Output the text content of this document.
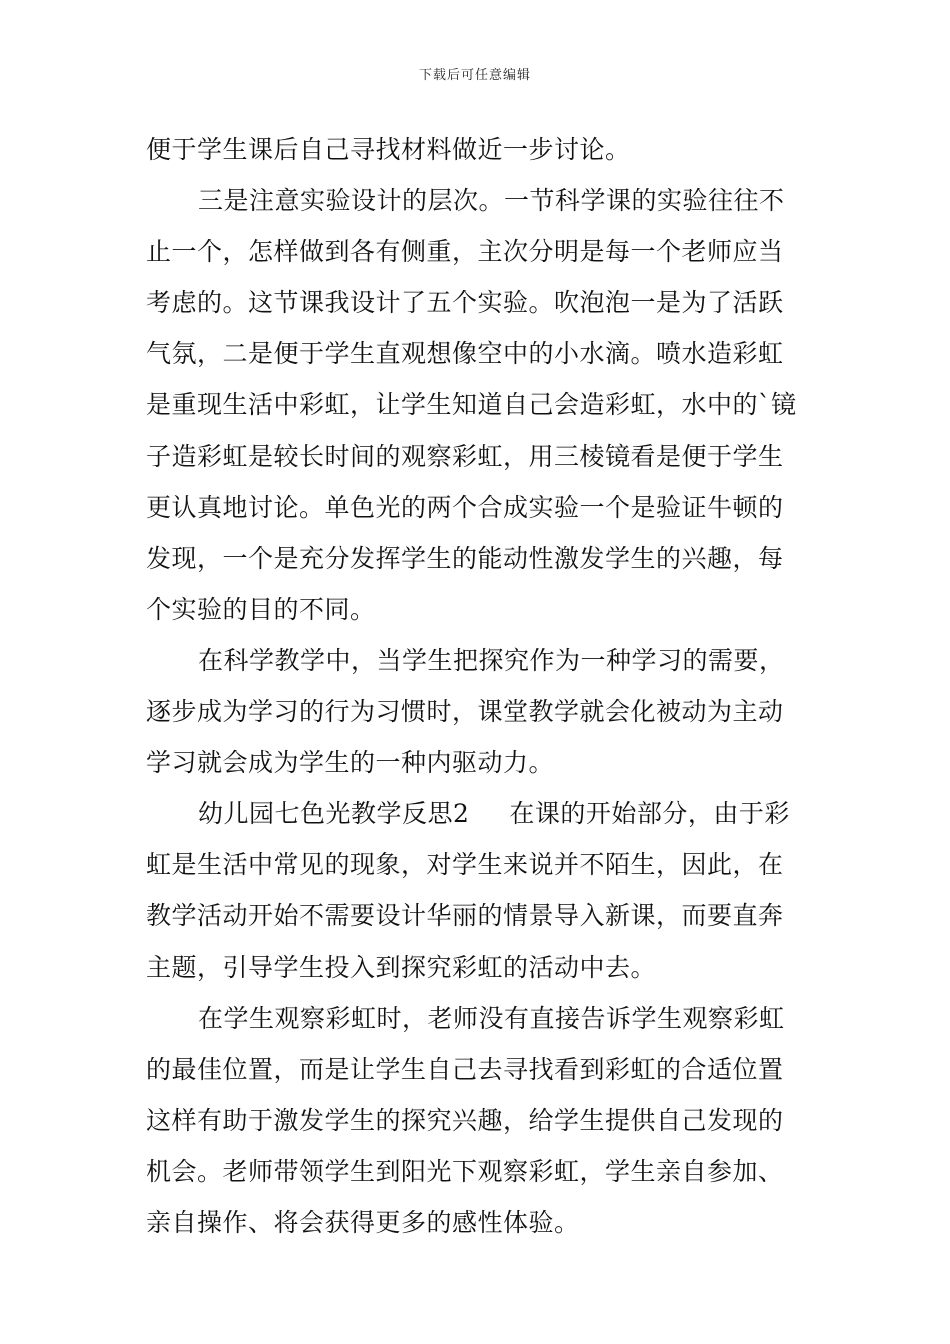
下载后可任意编辑

便于学生课后自己寻找材料做近一步讨论。

三是注意实验设计的层次。一节科学课的实验往往不止一个，怎样做到各有侧重，主次分明是每一个老师应当考虑的。这节课我设计了五个实验。吹泡泡一是为了活跃气氛，二是便于学生直观想像空中的小水滴。喷水造彩虹是重现生活中彩虹，让学生知道自己会造彩虹，水中的`镜子造彩虹是较长时间的观察彩虹，用三棱镜看是便于学生更认真地讨论。单色光的两个合成实验一个是验证牛顿的发现，一个是充分发挥学生的能动性激发学生的兴趣，每个实验的目的不同。

在科学教学中，当学生把探究作为一种学习的需要，逐步成为学习的行为习惯时，课堂教学就会化被动为主动学习就会成为学生的一种内驱动力。

幼儿园七色光教学反思2 在课的开始部分，由于彩虹是生活中常见的现象，对学生来说并不陌生，因此，在教学活动开始不需要设计华丽的情景导入新课，而要直奔主题，引导学生投入到探究彩虹的活动中去。

在学生观察彩虹时，老师没有直接告诉学生观察彩虹的最佳位置，而是让学生自己去寻找看到彩虹的合适位置这样有助于激发学生的探究兴趣，给学生提供自己发现的机会。老师带领学生到阳光下观察彩虹，学生亲自参加、亲自操作、将会获得更多的感性体验。
